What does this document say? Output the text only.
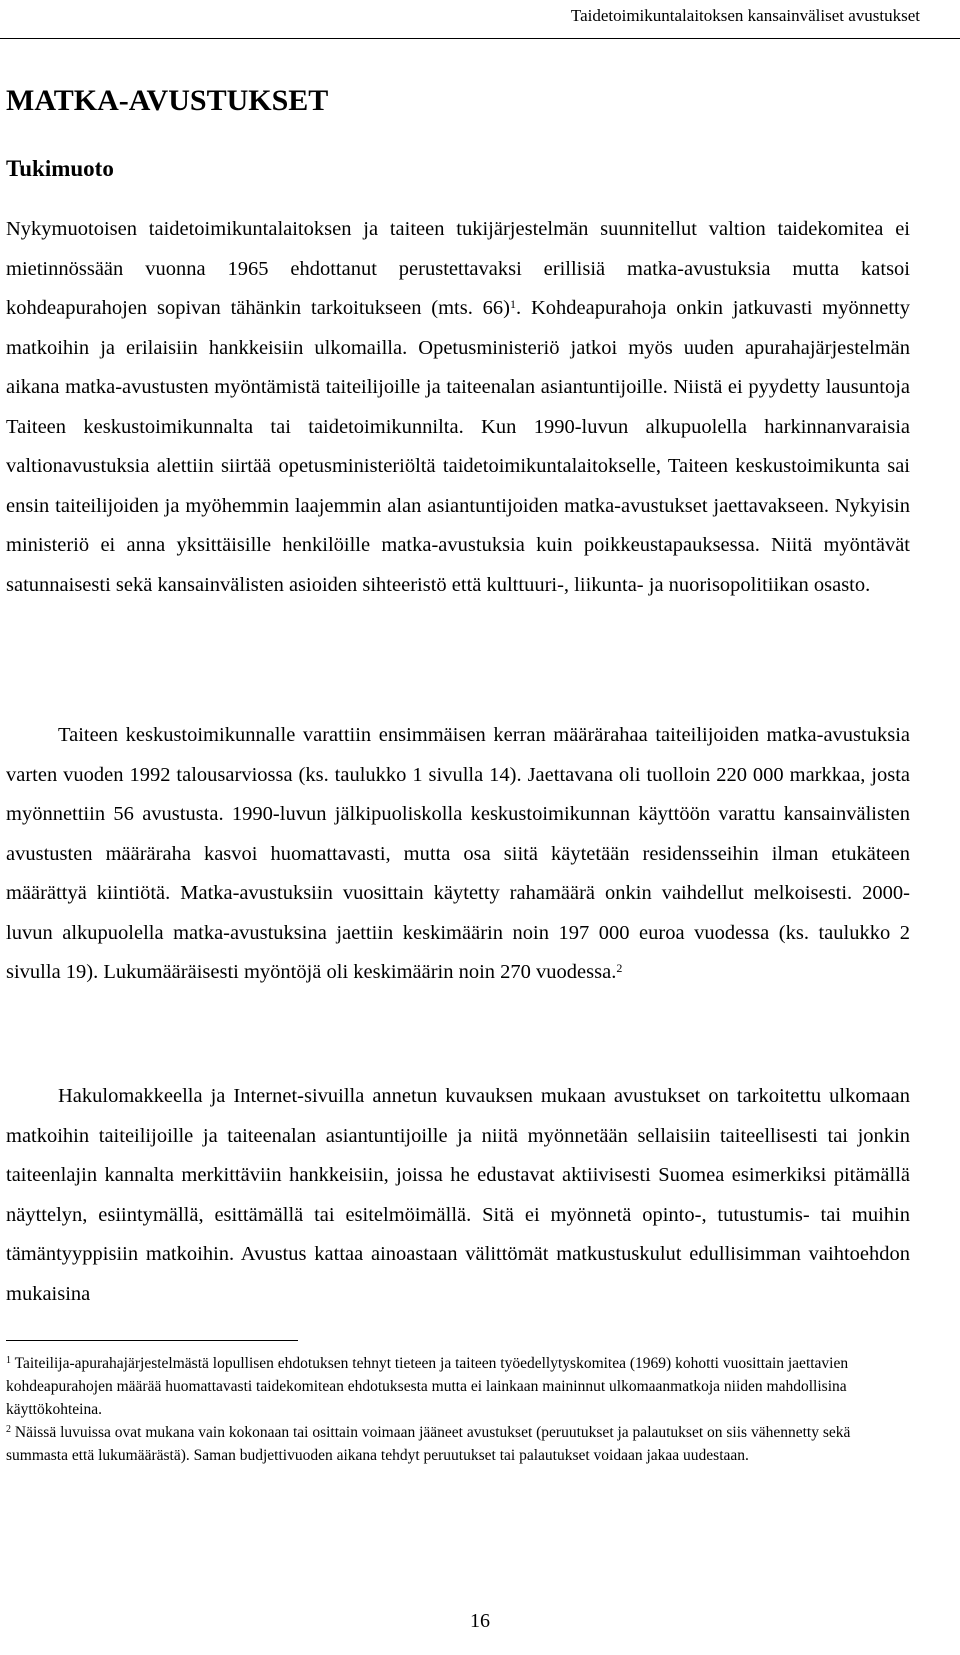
Taidetoimikuntalaitoksen kansainväliset avustukset
MATKA-AVUSTUKSET
Tukimuoto

Nykymuotoisen taidetoimikuntalaitoksen ja taiteen tukijärjestelmän suunnitellut valtion taidekomitea ei mietinnössään vuonna 1965 ehdottanut perustettavaksi erillisiä matka-avustuksia mutta katsoi kohdeapurahojen sopivan tähänkin tarkoitukseen (mts. 66)$^1$. Kohdeapurahoja onkin jatkuvasti myönnetty matkoihin ja erilaisiin hankkeisiin ulkomailla. Opetusministeriö jatkoi myös uuden apurahajärjestelmän aikana matka-avustusten myöntämistä taiteilijoille ja taiteenalan asiantuntijoille. Niistä ei pyydetty lausuntoja Taiteen keskustoimikunnalta tai taidetoimikunnilta. Kun 1990-luvun alkupuolella harkinnanvaraisia valtionavustuksia alettiin siirtää opetusministeriöltä taidetoimikuntalaitokselle, Taiteen keskustoimikunta sai ensin taiteilijoiden ja myöhemmin laajemmin alan asiantuntijoiden matka-avustukset jaettavakseen. Nykyisin ministeriö ei anna yksittäisille henkilöille matka-avustuksia kuin poikkeustapauksessa. Niitä myöntävät satunnaisesti sekä kansainvälisten asioiden sihteeristö että kulttuuri-, liikunta- ja nuorisopolitiikan osasto.

Taiteen keskustoimikunnalle varattiin ensimmäisen kerran määrärahaa taiteilijoiden matka-avustuksia varten vuoden 1992 talousarviossa (ks. taulukko 1 sivulla 14). Jaettavana oli tuolloin 220 000 markkaa, josta myönnettiin 56 avustusta. 1990-luvun jälkipuoliskolla keskustoimikunnan käyttöön varattu kansainvälisten avustusten määräraha kasvoi huomattavasti, mutta osa siitä käytetään residensseihin ilman etukäteen määrättyä kiintiötä. Matka-avustuksiin vuosittain käytetty rahamäärä onkin vaihdellut melkoisesti. 2000-luvun alkupuolella matka-avustuksina jaettiin keskimäärin noin 197 000 euroa vuodessa (ks. taulukko 2 sivulla 19). Lukumääräisesti myöntöjä oli keskimäärin noin 270 vuodessa.$^2$

Hakulomakkeella ja Internet-sivuilla annetun kuvauksen mukaan avustukset on tarkoitettu ulkomaan matkoihin taiteilijoille ja taiteenalan asiantuntijoille ja niitä myönnetään sellaisiin taiteellisesti tai jonkin taiteenlajin kannalta merkittäviin hankkeisiin, joissa he edustavat aktiivisesti Suomea esimerkiksi pitämällä näyttelyn, esiintymällä, esittämällä tai esitelmöimällä. Sitä ei myönnetä opinto-, tutustumis- tai muihin tämäntyyppisiin matkoihin. Avustus kattaa ainoastaan välittömät matkustuskulut edullisimman vaihtoehdon mukaisina

$^1$ Taiteilija-apurahajärjestelmästä lopullisen ehdotuksen tehnyt tieteen ja taiteen työedellytyskomitea (1969) kohotti vuosittain jaettavien kohdeapurahojen määrää huomattavasti taidekomitean ehdotuksesta mutta ei lainkaan maininnut ulkomaanmatkoja niiden mahdollisina käyttökohteina.

$^2$ Näissä luvuissa ovat mukana vain kokonaan tai osittain voimaan jääneet avustukset (peruutukset ja palautukset on siis vähennetty sekä summasta että lukumäärästä). Saman budjettivuoden aikana tehdyt peruutukset tai palautukset voidaan jakaa uudestaan.

16
